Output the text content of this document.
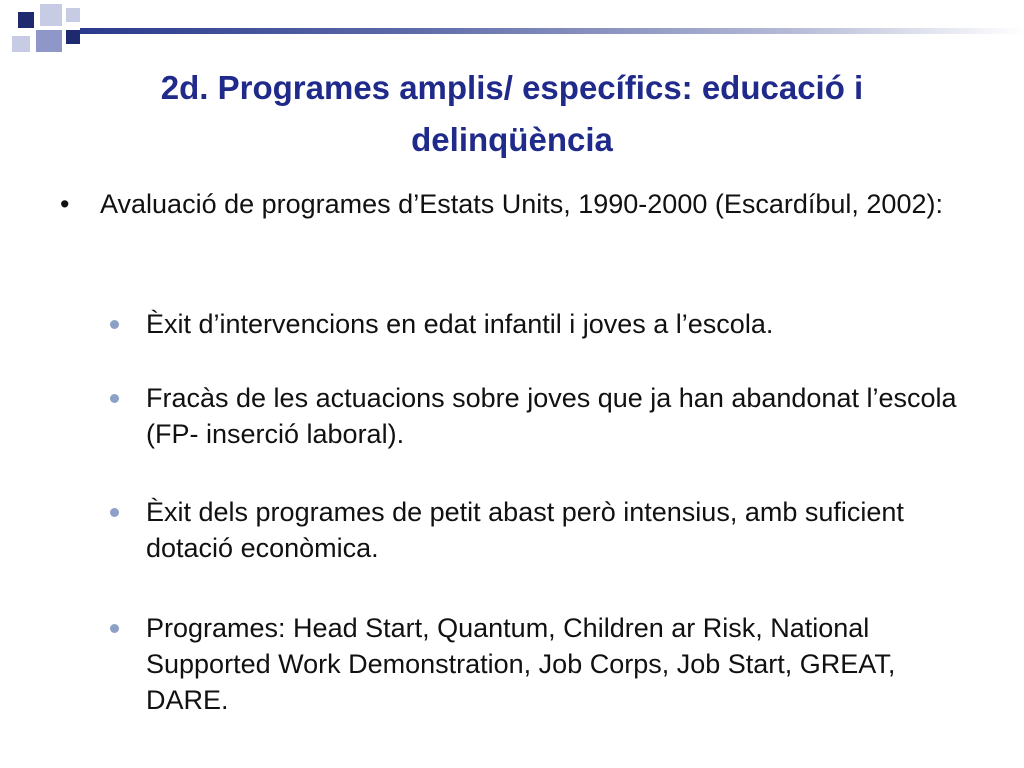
2d. Programes amplis/ específics: educació i delinqüència
•	Avaluació de programes d’Estats Units, 1990-2000 (Escardíbul, 2002):
Èxit d’intervencions en edat infantil i joves a l’escola.
Fracàs de les actuacions sobre joves que ja han abandonat l’escola (FP- inserció laboral).
Èxit dels programes de petit abast però intensius, amb suficient dotació econòmica.
Programes: Head Start, Quantum, Children ar Risk, National Supported Work Demonstration, Job Corps, Job Start, GREAT, DARE.
